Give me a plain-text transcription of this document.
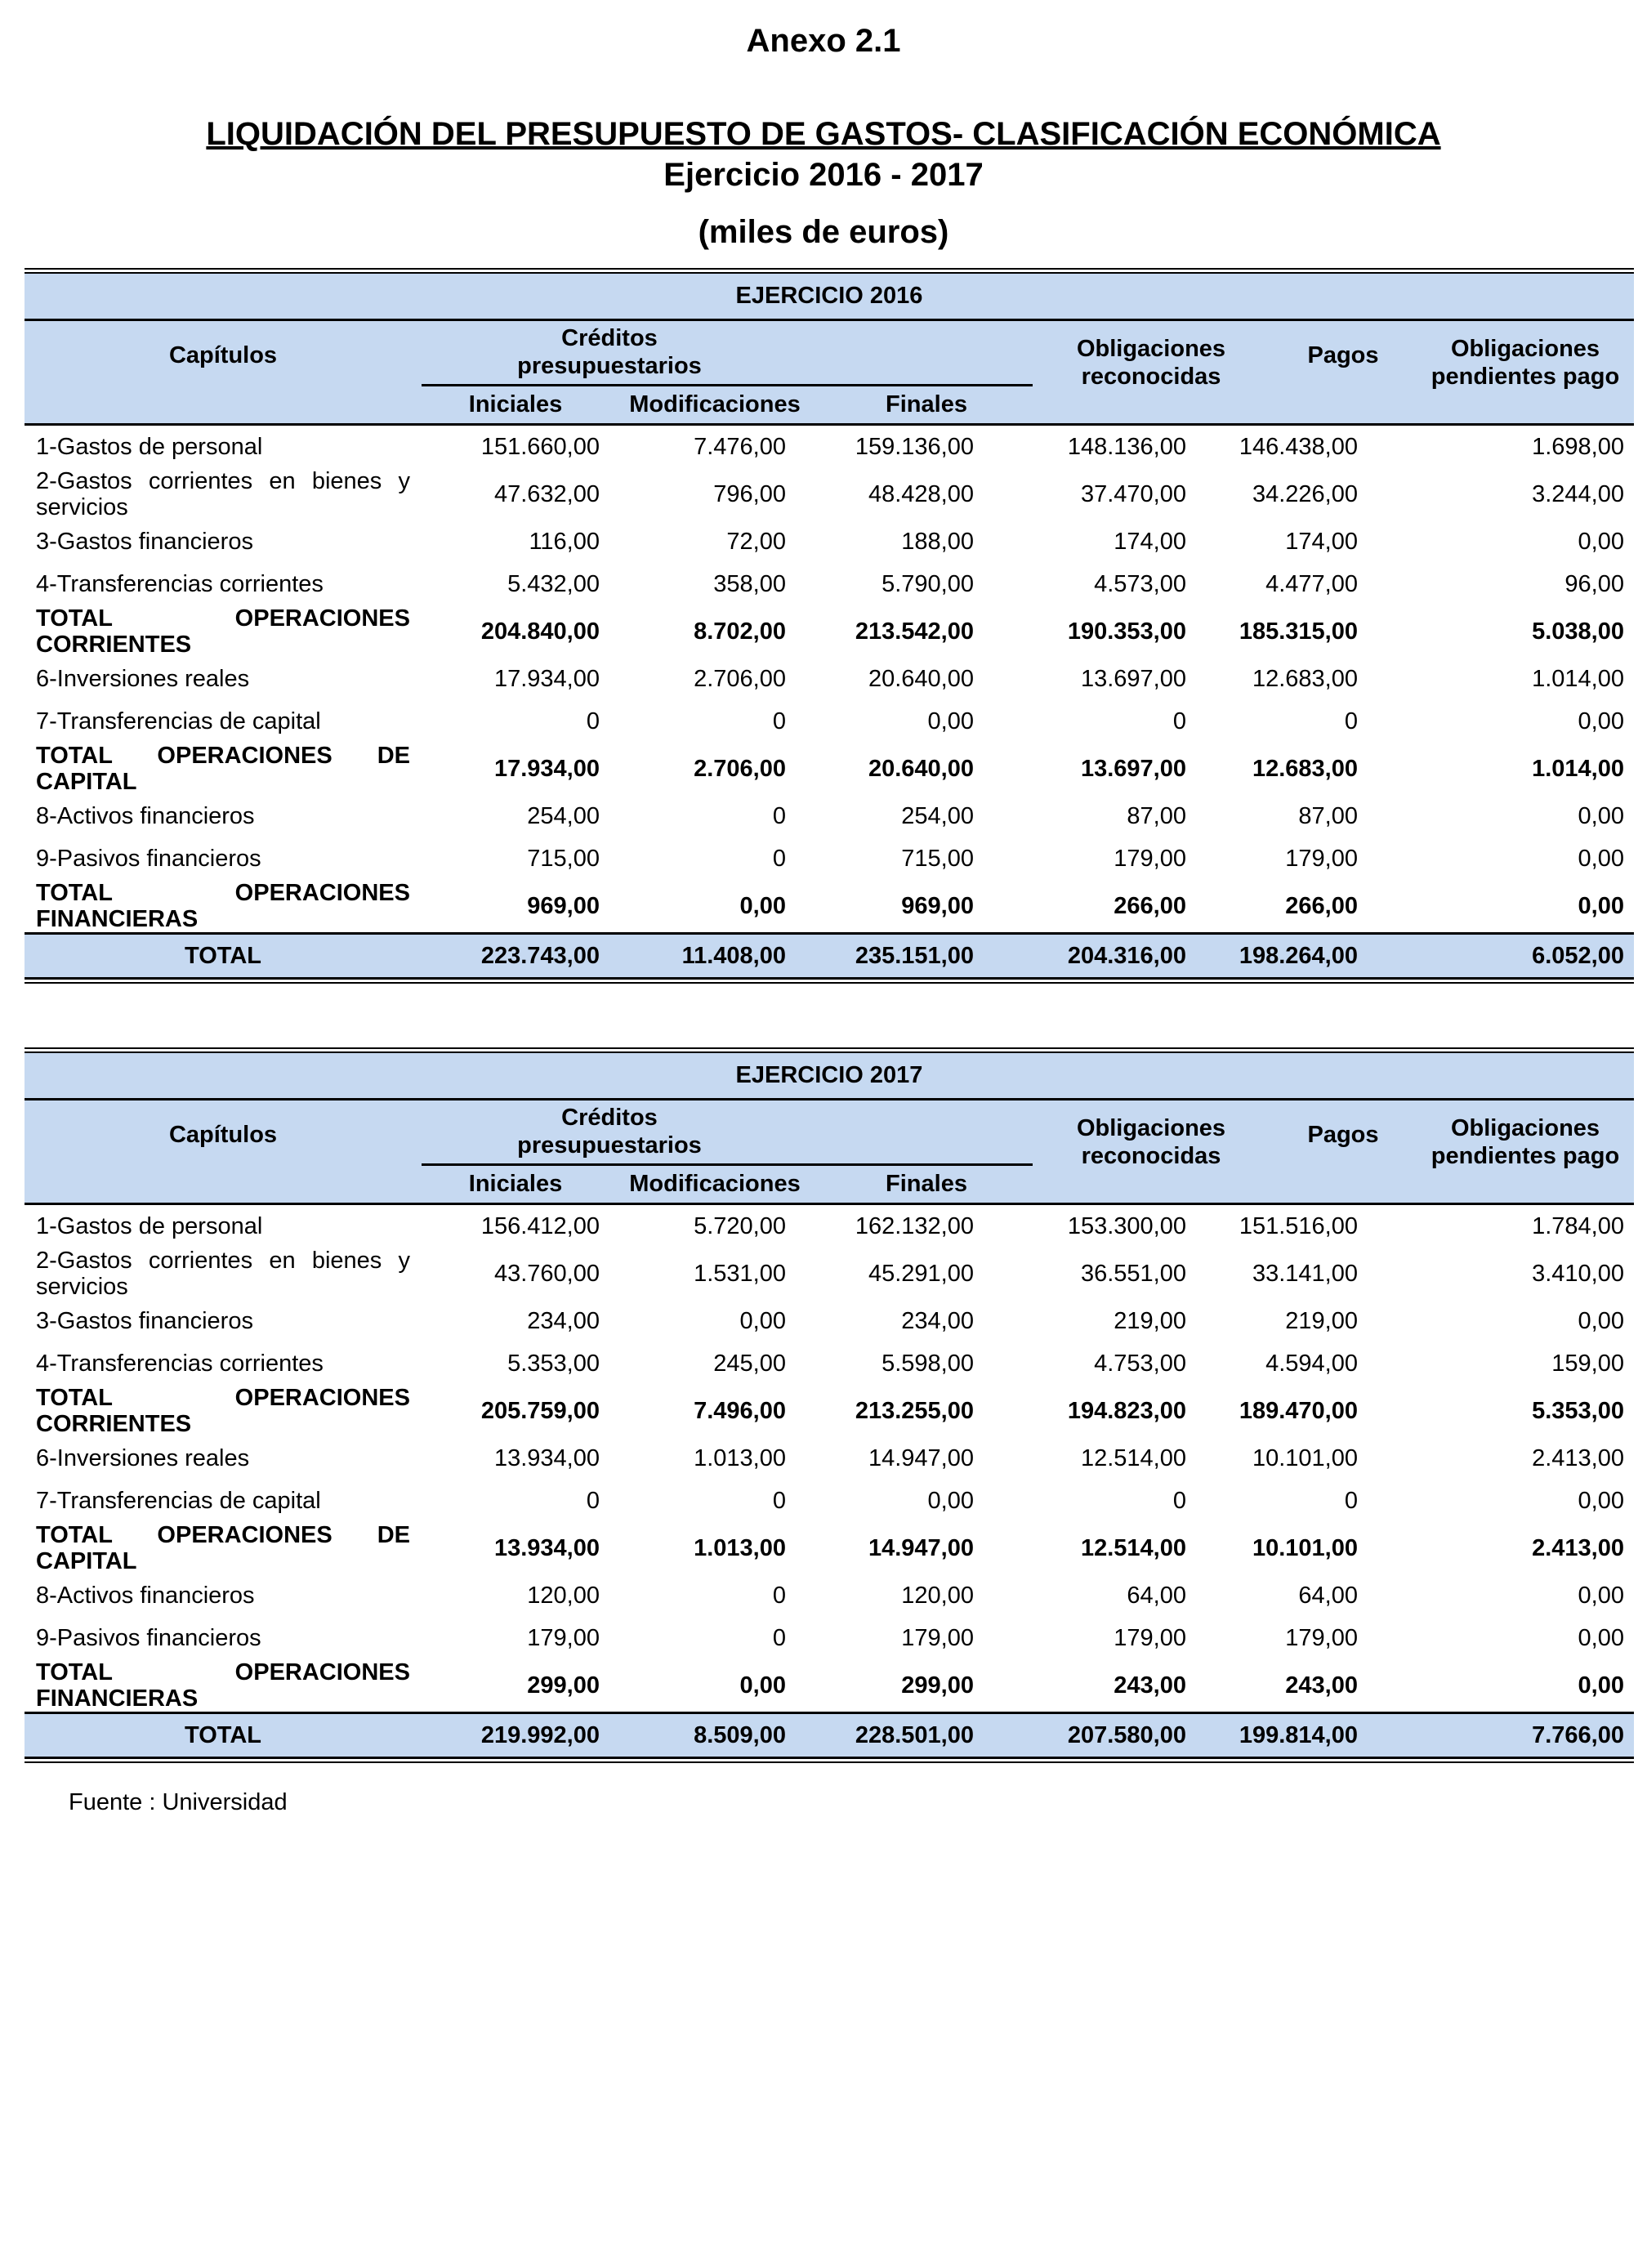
Anexo 2.1
LIQUIDACIÓN DEL PRESUPUESTO DE GASTOS- CLASIFICACIÓN ECONÓMICA
Ejercicio 2016 - 2017
(miles de euros)
EJERCICIO 2016
Capítulos
Créditos presupuestarios
Iniciales	Modificaciones	Finales
Obligaciones reconocidas
Pagos	Obligaciones pendientes pago
1-Gastos de personal	151.660,00	7.476,00	159.136,00	148.136,00	146.438,00	1.698,00
2-Gastos corrientes en bienes y servicios	47.632,00	796,00	48.428,00	37.470,00	34.226,00	3.244,00
3-Gastos financieros	116,00	72,00	188,00	174,00	174,00	0,00
4-Transferencias corrientes	5.432,00	358,00	5.790,00	4.573,00	4.477,00	96,00
TOTAL OPERACIONES CORRIENTES	204.840,00	8.702,00	213.542,00	190.353,00	185.315,00	5.038,00
6-Inversiones reales	17.934,00	2.706,00	20.640,00	13.697,00	12.683,00	1.014,00
7-Transferencias de capital	0	0	0,00	0	0	0,00
TOTAL OPERACIONES DE CAPITAL	17.934,00	2.706,00	20.640,00	13.697,00	12.683,00	1.014,00
8-Activos financieros	254,00	0	254,00	87,00	87,00	0,00
9-Pasivos financieros	715,00	0	715,00	179,00	179,00	0,00
TOTAL OPERACIONES FINANCIERAS	969,00	0,00	969,00	266,00	266,00	0,00
TOTAL	223.743,00	11.408,00	235.151,00	204.316,00	198.264,00	6.052,00
EJERCICIO 2017
Capítulos
Créditos presupuestarios
Iniciales	Modificaciones	Finales
Obligaciones reconocidas
Pagos	Obligaciones pendientes pago
1-Gastos de personal	156.412,00	5.720,00	162.132,00	153.300,00	151.516,00	1.784,00
2-Gastos corrientes en bienes y servicios	43.760,00	1.531,00	45.291,00	36.551,00	33.141,00	3.410,00
3-Gastos financieros	234,00	0,00	234,00	219,00	219,00	0,00
4-Transferencias corrientes	5.353,00	245,00	5.598,00	4.753,00	4.594,00	159,00
TOTAL OPERACIONES CORRIENTES	205.759,00	7.496,00	213.255,00	194.823,00	189.470,00	5.353,00
6-Inversiones reales	13.934,00	1.013,00	14.947,00	12.514,00	10.101,00	2.413,00
7-Transferencias de capital	0	0	0,00	0	0	0,00
TOTAL OPERACIONES DE CAPITAL	13.934,00	1.013,00	14.947,00	12.514,00	10.101,00	2.413,00
8-Activos financieros	120,00	0	120,00	64,00	64,00	0,00
9-Pasivos financieros	179,00	0	179,00	179,00	179,00	0,00
TOTAL OPERACIONES FINANCIERAS	299,00	0,00	299,00	243,00	243,00	0,00
TOTAL	219.992,00	8.509,00	228.501,00	207.580,00	199.814,00	7.766,00
Fuente : Universidad
